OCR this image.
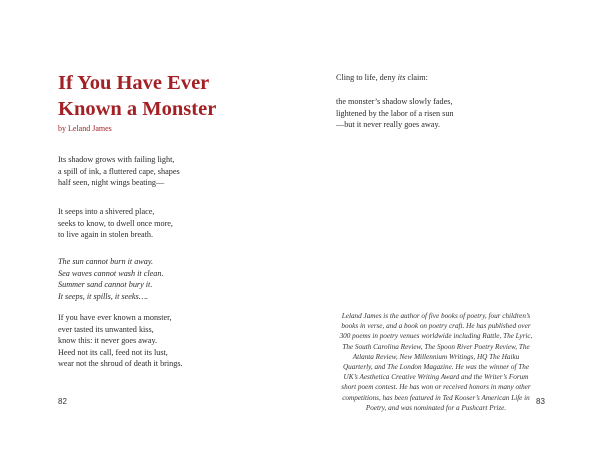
If You Have Ever
Known a Monster

by Leland James

Its shadow grows with failing light,
a spill of ink, a fluttered cape, shapes
half seen, night wings beating—

It seeps into a shivered place,
seeks to know, to dwell once more,
to live again in stolen breath.

The sun cannot burn it away.
Sea waves cannot wash it clean.
Summer sand cannot bury it.
It seeps, it spills, it seeks….

If you have ever known a monster,
ever tasted its unwanted kiss,
know this: it never goes away.
Heed not its call, feed not its lust,
wear not the shroud of death it brings.

82

Cling to life, deny its claim:

the monster’s shadow slowly fades,
lightened by the labor of a risen sun
—but it never really goes away.

Leland James is the author of five books of poetry, four children’s
books in verse, and a book on poetry craft. He has published over
300 poems in poetry venues worldwide including Rattle, The Lyric,
The South Carolina Review, The Spoon River Poetry Review, The
Atlanta Review, New Millennium Writings, HQ The Haiku
Quarterly, and The London Magazine. He was the winner of The
UK’s Aesthetica Creative Writing Award and the Writer’s Forum
short poem contest. He has won or received honors in many other
competitions, has been featured in Ted Kooser’s American Life in
Poetry, and was nominated for a Pushcart Prize.

83
